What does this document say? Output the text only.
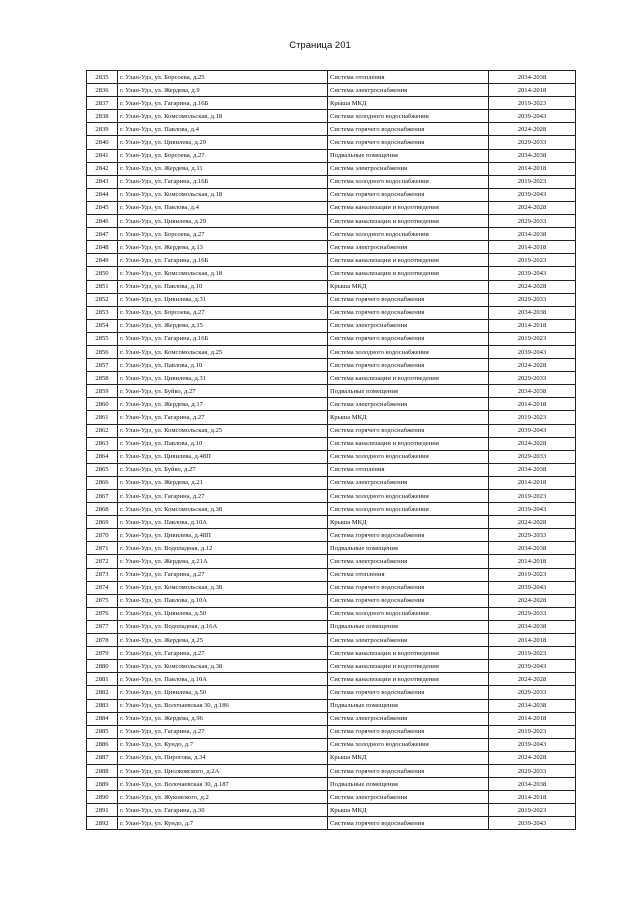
Страница 201
2835	г. Улан-Удэ, ул. Борсоева, д.25	Система отопления	2034-2038
2836	г. Улан-Удэ, ул. Жердева, д.9	Система электроснабжения	2014-2018
2837	г. Улан-Удэ, ул. Гагарина, д.16Б	Крыша МКД	2019-2023
2838	г. Улан-Удэ, ул. Комсомольская, д.18	Система холодного водоснабжения	2039-2043
2839	г. Улан-Удэ, ул. Павлова, д.4	Система горячего водоснабжения	2024-2028
2840	г. Улан-Удэ, ул. Цивилева, д.29	Система горячего водоснабжения	2029-2033
2841	г. Улан-Удэ, ул. Борсоева, д.27	Подвальные помещения	2034-2038
2842	г. Улан-Удэ, ул. Жердева, д.11	Система электроснабжения	2014-2018
2843	г. Улан-Удэ, ул. Гагарина, д.16Б	Система холодного водоснабжения	2019-2023
2844	г. Улан-Удэ, ул. Комсомольская, д.18	Система горячего водоснабжения	2039-2043
2845	г. Улан-Удэ, ул. Павлова, д.4	Система канализации и водоотведения	2024-2028
2846	г. Улан-Удэ, ул. Цивилева, д.29	Система канализации и водоотведения	2029-2033
2847	г. Улан-Удэ, ул. Борсоева, д.27	Система холодного водоснабжения	2034-2038
2848	г. Улан-Удэ, ул. Жердева, д.13	Система электроснабжения	2014-2018
2849	г. Улан-Удэ, ул. Гагарина, д.16Б	Система канализации и водоотведения	2019-2023
2850	г. Улан-Удэ, ул. Комсомольская, д.18	Система канализации и водоотведения	2039-2043
2851	г. Улан-Удэ, ул. Павлова, д.10	Крыша МКД	2024-2028
2852	г. Улан-Удэ, ул. Цивилева, д.31	Система горячего водоснабжения	2029-2033
2853	г. Улан-Удэ, ул. Борсоева, д.27	Система горячего водоснабжения	2034-2038
2854	г. Улан-Удэ, ул. Жердева, д.15	Система электроснабжения	2014-2018
2855	г. Улан-Удэ, ул. Гагарина, д.16Б	Система горячего водоснабжения	2019-2023
2856	г. Улан-Удэ, ул. Комсомольская, д.25	Система холодного водоснабжения	2039-2043
2857	г. Улан-Удэ, ул. Павлова, д.10	Система горячего водоснабжения	2024-2028
2858	г. Улан-Удэ, ул. Цивилева, д.31	Система канализации и водоотведения	2029-2033
2859	г. Улан-Удэ, ул. Буйко, д.27	Подвальные помещения	2034-2038
2860	г. Улан-Удэ, ул. Жердева, д.17	Система электроснабжения	2014-2018
2861	г. Улан-Удэ, ул. Гагарина, д.27	Крыша МКД	2019-2023
2862	г. Улан-Удэ, ул. Комсомольская, д.25	Система горячего водоснабжения	2039-2043
2863	г. Улан-Удэ, ул. Павлова, д.10	Система канализации и водоотведения	2024-2028
2864	г. Улан-Удэ, ул. Цивилева, д.48П	Система холодного водоснабжения	2029-2033
2865	г. Улан-Удэ, ул. Буйко, д.27	Система отопления	2034-2038
2866	г. Улан-Удэ, ул. Жердева, д.21	Система электроснабжения	2014-2018
2867	г. Улан-Удэ, ул. Гагарина, д.27	Система холодного водоснабжения	2019-2023
2868	г. Улан-Удэ, ул. Комсомольская, д.38	Система холодного водоснабжения	2039-2043
2869	г. Улан-Удэ, ул. Павлова, д.10А	Крыша МКД	2024-2028
2870	г. Улан-Удэ, ул. Цивилева, д.48П	Система горячего водоснабжения	2029-2033
2871	г. Улан-Удэ, ул. Водопадная, д.12	Подвальные помещения	2034-2038
2872	г. Улан-Удэ, ул. Жердева, д.21А	Система электроснабжения	2014-2018
2873	г. Улан-Удэ, ул. Гагарина, д.27	Система отопления	2019-2023
2874	г. Улан-Удэ, ул. Комсомольская, д.38	Система горячего водоснабжения	2039-2043
2875	г. Улан-Удэ, ул. Павлова, д.10А	Система горячего водоснабжения	2024-2028
2876	г. Улан-Удэ, ул. Цивилева, д.50	Система холодного водоснабжения	2029-2033
2877	г. Улан-Удэ, ул. Водопадная, д.16А	Подвальные помещения	2034-2038
2878	г. Улан-Удэ, ул. Жердева, д.25	Система электроснабжения	2014-2018
2879	г. Улан-Удэ, ул. Гагарина, д.27	Система канализации и водоотведения	2019-2023
2880	г. Улан-Удэ, ул. Комсомольская, д.38	Система канализации и водоотведения	2039-2043
2881	г. Улан-Удэ, ул. Павлова, д.10А	Система канализации и водоотведения	2024-2028
2882	г. Улан-Удэ, ул. Цивилева, д.50	Система горячего водоснабжения	2029-2033
2883	г. Улан-Удэ, ул. Волочаевская 30, д.186	Подвальные помещения	2034-2038
2884	г. Улан-Удэ, ул. Жердева, д.96	Система электроснабжения	2014-2018
2885	г. Улан-Удэ, ул. Гагарина, д.27	Система горячего водоснабжения	2019-2023
2886	г. Улан-Удэ, ул. Кундо, д.7	Система холодного водоснабжения	2039-2043
2887	г. Улан-Удэ, ул. Пирогова, д.34	Крыша МКД	2024-2028
2888	г. Улан-Удэ, ул. Циолковского, д.2А	Система горячего водоснабжения	2029-2033
2889	г. Улан-Удэ, ул. Волочаевская 30, д.187	Подвальные помещения	2034-2038
2890	г. Улан-Удэ, ул. Жуковского, д.2	Система электроснабжения	2014-2018
2891	г. Улан-Удэ, ул. Гагарина, д.30	Крыша МКД	2019-2023
2892	г. Улан-Удэ, ул. Кундо, д.7	Система горячего водоснабжения	2039-2043
